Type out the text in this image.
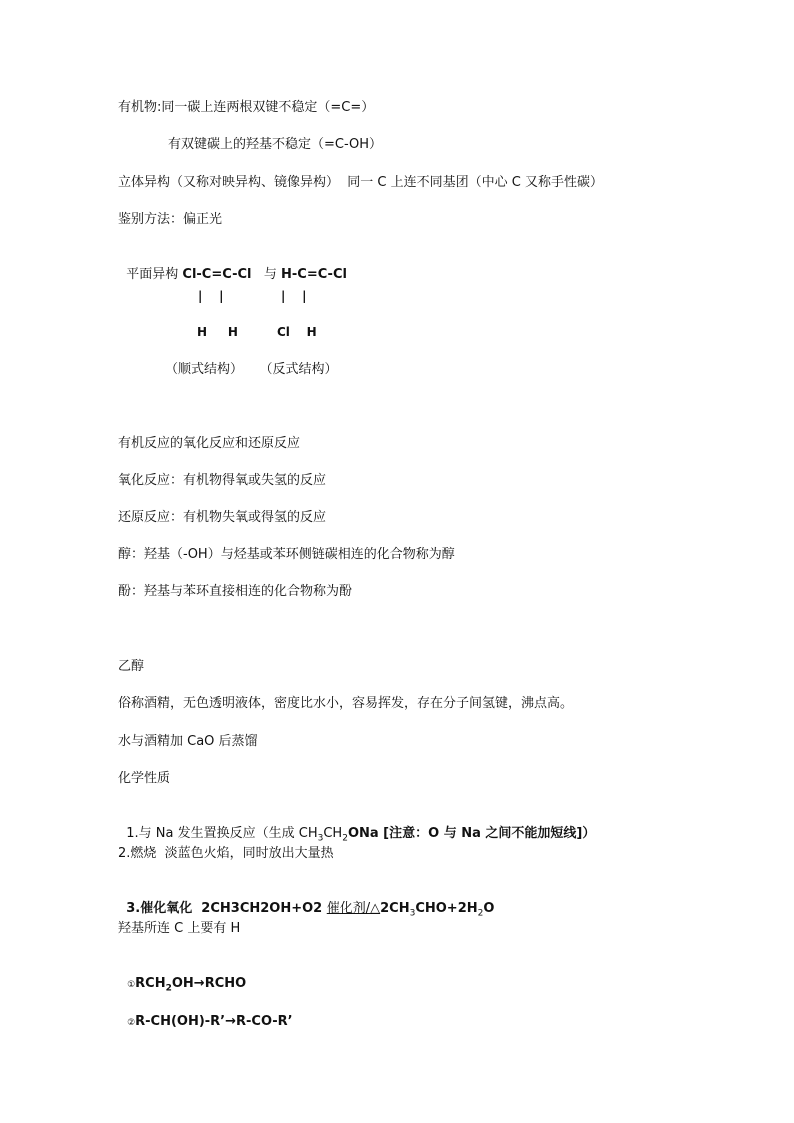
有机物:同一碳上连两根双键不稳定（=C=）
有双键碳上的羟基不稳定（=C-OH）
立体异构（又称对映异构、镜像异构）  同一 C 上连不同基团（中心 C 又称手性碳）
鉴别方法：偏正光

平面异构 Cl-C=C-Cl   与 H-C=C-Cl

|    |	|    |
H     H	Cl    H
（顺式结构）    （反式结构）
有机反应的氧化反应和还原反应
氧化反应：有机物得氧或失氢的反应
还原反应：有机物失氧或得氢的反应
醇：羟基（-OH）与烃基或苯环侧链碳相连的化合物称为醇
酚：羟基与苯环直接相连的化合物称为酚
乙醇
俗称酒精，无色透明液体，密度比水小，容易挥发，存在分子间氢键，沸点高。
水与酒精加 CaO 后蒸馏
化学性质

1.与 Na 发生置换反应（生成 $CH_3CH_2ONa$ [注意：O 与 Na 之间不能加短线]）

2.燃烧  淡蓝色火焰，同时放出大量热

3.催化氧化  2CH3CH2OH+O2 催化剂$/\triangle 2CH_3CHO+2H_2O$

羟基所连 C 上要有 H

$①RCH_2OH\to RCHO$

②R-CH(OH)-R’→R-CO-R’
